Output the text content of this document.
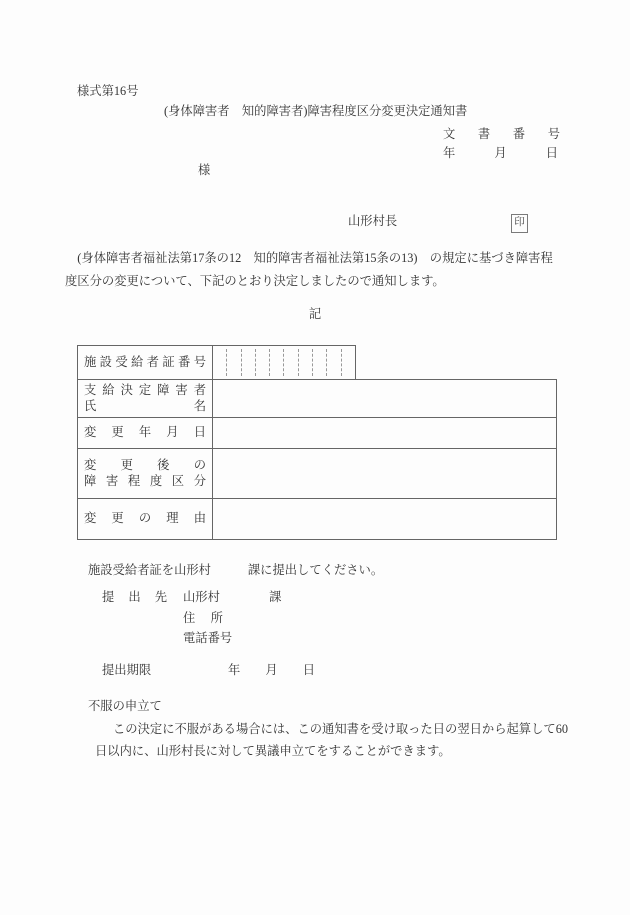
様式第16号
(身体障害者　知的障害者)障害程度区分変更決定通知書
文 書 番 号
年 月 日
様
山形村長	印
　(身体障害者福祉法第17条の12　知的障害者福祉法第15条の13)　の規定に基づき障害程
度区分の変更について、下記のとおり決定しましたので通知します。
記
施 設 受 給 者 証 番 号
支 給 決 定 障 害 者
氏 名
変 更 年 月 日
変 更 後 の
障 害 程 度 区 分
変 更 の 理 由
施設受給者証を山形村　　　課に提出してください。
提 出 先 山形村　　　　課
住　 所
電話番号
提出期限	年 月 日
不服の申立て
この決定に不服がある場合には、この通知書を受け取った日の翌日から起算して60
日以内に、山形村長に対して異議申立てをすることができます。
